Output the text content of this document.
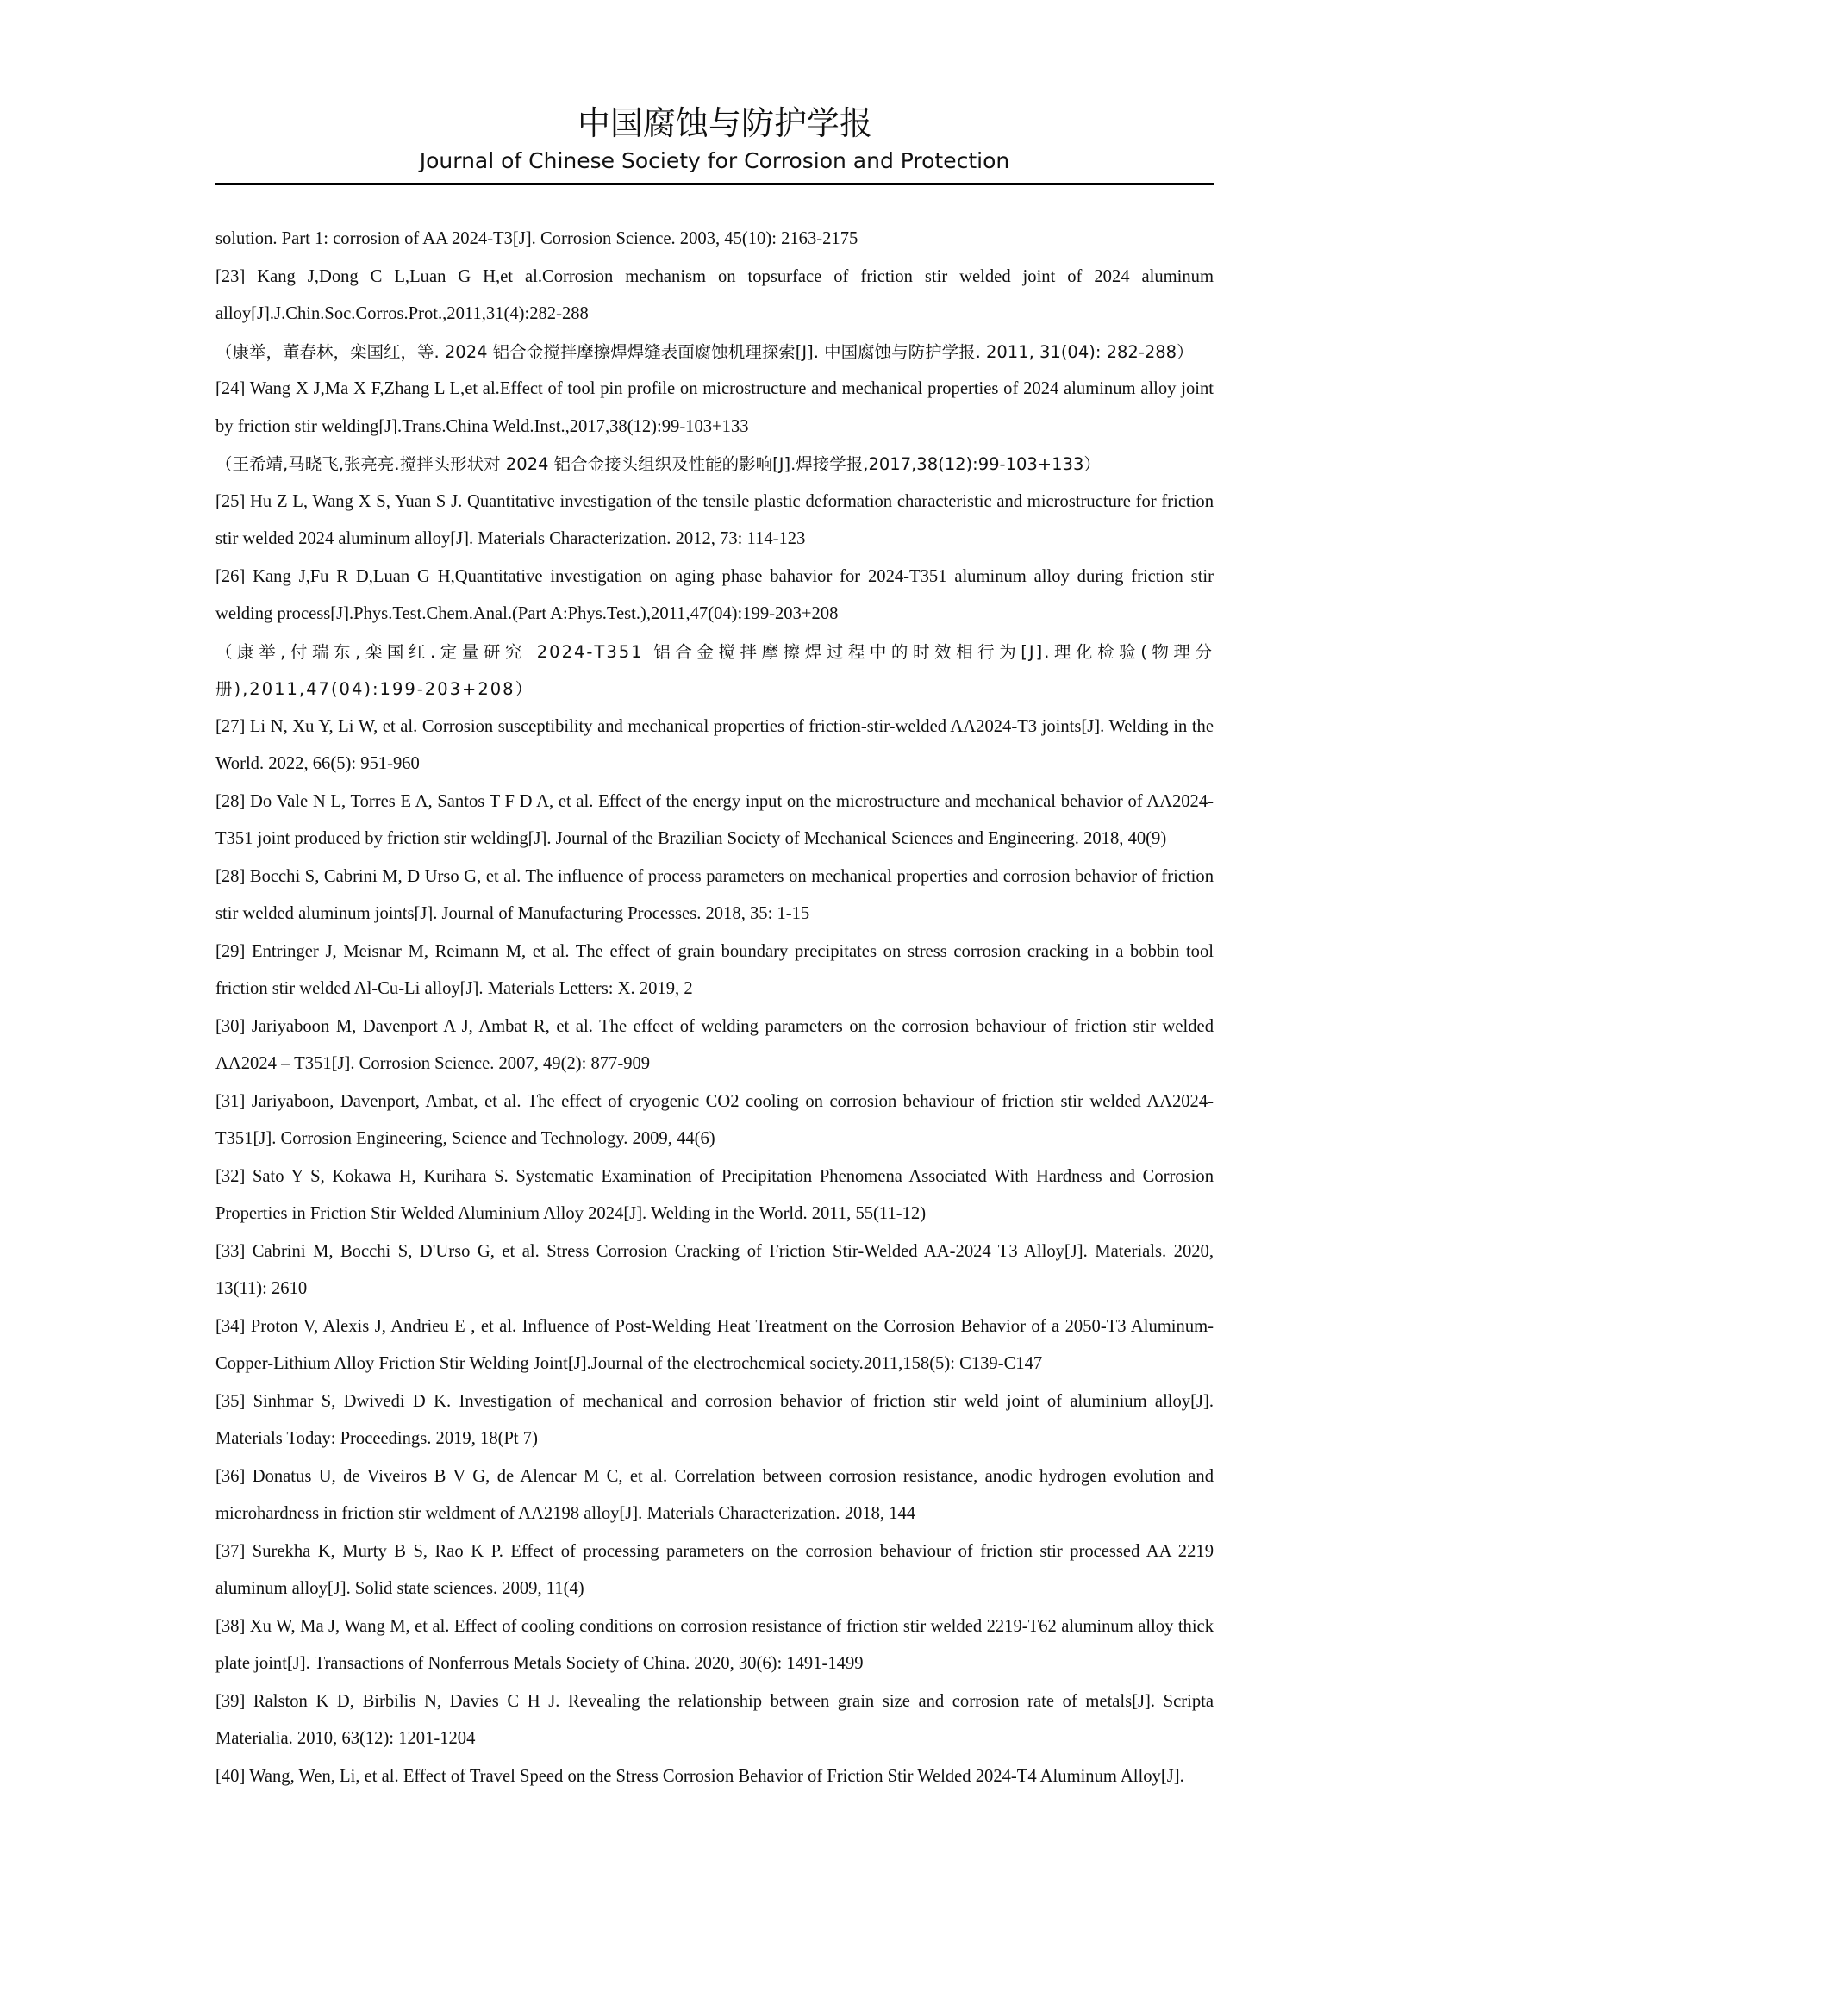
中国腐蚀与防护学报
Journal of Chinese Society for Corrosion and Protection

solution. Part 1: corrosion of AA 2024-T3[J]. Corrosion Science. 2003, 45(10): 2163-2175

[23] Kang J,Dong C L,Luan G H,et al.Corrosion mechanism on topsurface of friction stir welded joint of 2024 aluminum alloy[J].J.Chin.Soc.Corros.Prot.,2011,31(4):282-288

（康举，董春林，栾国红，等. 2024 铝合金搅拌摩擦焊焊缝表面腐蚀机理探索[J]. 中国腐蚀与防护学报. 2011, 31(04): 282-288）

[24] Wang X J,Ma X F,Zhang L L,et al.Effect of tool pin profile on microstructure and mechanical properties of 2024 aluminum alloy joint by friction stir welding[J].Trans.China Weld.Inst.,2017,38(12):99-103+133

（王希靖,马晓飞,张亮亮.搅拌头形状对 2024 铝合金接头组织及性能的影响[J].焊接学报,2017,38(12):99-103+133）

[25] Hu Z L, Wang X S, Yuan S J. Quantitative investigation of the tensile plastic deformation characteristic and microstructure for friction stir welded 2024 aluminum alloy[J]. Materials Characterization. 2012, 73: 114-123

[26] Kang J,Fu R D,Luan G H,Quantitative investigation on aging phase bahavior for 2024-T351 aluminum alloy during friction stir welding process[J].Phys.Test.Chem.Anal.(Part A:Phys.Test.),2011,47(04):199-203+208

（康举,付瑞东,栾国红.定量研究 2024-T351 铝合金搅拌摩擦焊过程中的时效相行为[J].理化检验(物理分册),2011,47(04):199-203+208）

[27] Li N, Xu Y, Li W, et al. Corrosion susceptibility and mechanical properties of friction-stir-welded AA2024-T3 joints[J]. Welding in the World. 2022, 66(5): 951-960

[28] Do Vale N L, Torres E A, Santos T F D A, et al. Effect of the energy input on the microstructure and mechanical behavior of AA2024-T351 joint produced by friction stir welding[J]. Journal of the Brazilian Society of Mechanical Sciences and Engineering. 2018, 40(9)

[28] Bocchi S, Cabrini M, D Urso G, et al. The influence of process parameters on mechanical properties and corrosion behavior of friction stir welded aluminum joints[J]. Journal of Manufacturing Processes. 2018, 35: 1-15

[29] Entringer J, Meisnar M, Reimann M, et al. The effect of grain boundary precipitates on stress corrosion cracking in a bobbin tool friction stir welded Al-Cu-Li alloy[J]. Materials Letters: X. 2019, 2

[30] Jariyaboon M, Davenport A J, Ambat R, et al. The effect of welding parameters on the corrosion behaviour of friction stir welded AA2024 – T351[J]. Corrosion Science. 2007, 49(2): 877-909

[31] Jariyaboon, Davenport, Ambat, et al. The effect of cryogenic CO2 cooling on corrosion behaviour of friction stir welded AA2024-T351[J]. Corrosion Engineering, Science and Technology. 2009, 44(6)

[32] Sato Y S, Kokawa H, Kurihara S. Systematic Examination of Precipitation Phenomena Associated With Hardness and Corrosion Properties in Friction Stir Welded Aluminium Alloy 2024[J]. Welding in the World. 2011, 55(11-12)

[33] Cabrini M, Bocchi S, D'Urso G, et al. Stress Corrosion Cracking of Friction Stir-Welded AA-2024 T3 Alloy[J]. Materials. 2020, 13(11): 2610

[34] Proton V, Alexis J, Andrieu E , et al. Influence of Post-Welding Heat Treatment on the Corrosion Behavior of a 2050-T3 Aluminum-Copper-Lithium Alloy Friction Stir Welding Joint[J].Journal of the electrochemical society.2011,158(5): C139-C147

[35] Sinhmar S, Dwivedi D K. Investigation of mechanical and corrosion behavior of friction stir weld joint of aluminium alloy[J]. Materials Today: Proceedings. 2019, 18(Pt 7)

[36] Donatus U, de Viveiros B V G, de Alencar M C, et al. Correlation between corrosion resistance, anodic hydrogen evolution and microhardness in friction stir weldment of AA2198 alloy[J]. Materials Characterization. 2018, 144

[37] Surekha K, Murty B S, Rao K P. Effect of processing parameters on the corrosion behaviour of friction stir processed AA 2219 aluminum alloy[J]. Solid state sciences. 2009, 11(4)

[38] Xu W, Ma J, Wang M, et al. Effect of cooling conditions on corrosion resistance of friction stir welded 2219-T62 aluminum alloy thick plate joint[J]. Transactions of Nonferrous Metals Society of China. 2020, 30(6): 1491-1499

[39] Ralston K D, Birbilis N, Davies C H J. Revealing the relationship between grain size and corrosion rate of metals[J]. Scripta Materialia. 2010, 63(12): 1201-1204

[40] Wang, Wen, Li, et al. Effect of Travel Speed on the Stress Corrosion Behavior of Friction Stir Welded 2024-T4 Aluminum Alloy[J].
